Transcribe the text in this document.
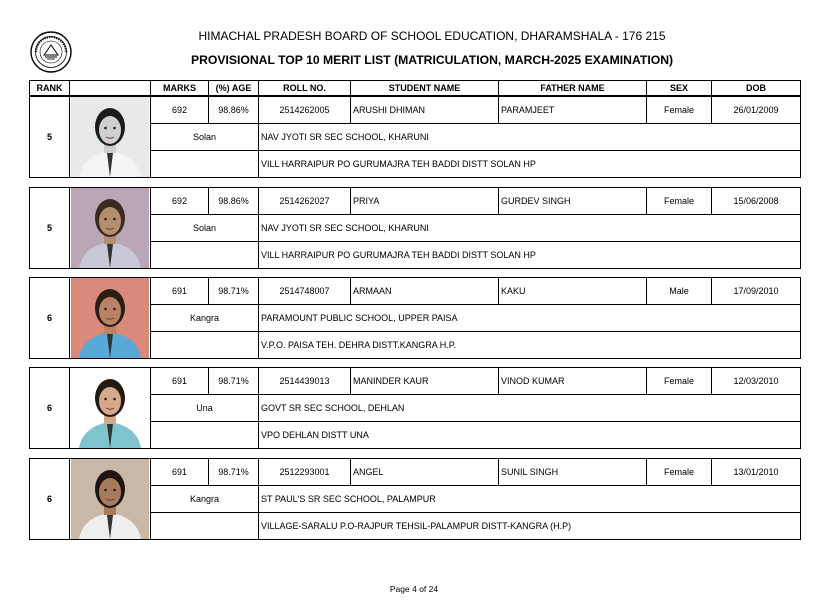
HIMACHAL PRADESH BOARD OF SCHOOL EDUCATION, DHARAMSHALA - 176 215
PROVISIONAL TOP 10 MERIT LIST (MATRICULATION, MARCH-2025 EXAMINATION)
RANK		MARKS	(%) AGE	ROLL NO.	STUDENT NAME	FATHER NAME	SEX	DOB
5		692	98.86%	2514262005	ARUSHI DHIMAN	PARAMJEET	Female	26/01/2009
		Solan		NAV JYOTI SR SEC SCHOOL, KHARUNI				
				VILL HARRAIPUR PO GURUMAJRA TEH BADDI DISTT SOLAN HP				
5		692	98.86%	2514262027	PRIYA	GURDEV SINGH	Female	15/06/2008
		Solan		NAV JYOTI SR SEC SCHOOL, KHARUNI				
				VILL HARRAIPUR PO GURUMAJRA TEH BADDI DISTT SOLAN HP				
6		691	98.71%	2514748007	ARMAAN	KAKU	Male	17/09/2010
		Kangra		PARAMOUNT PUBLIC SCHOOL, UPPER PAISA				
				V.P.O. PAISA TEH. DEHRA DISTT.KANGRA H.P.				
6		691	98.71%	2514439013	MANINDER KAUR	VINOD KUMAR	Female	12/03/2010
		Una		GOVT SR SEC SCHOOL, DEHLAN				
				VPO DEHLAN DISTT UNA				
6		691	98.71%	2512293001	ANGEL	SUNIL SINGH	Female	13/01/2010
		Kangra		ST PAUL'S SR SEC SCHOOL, PALAMPUR				
				VILLAGE-SARALU P.O-RAJPUR TEHSIL-PALAMPUR DISTT-KANGRA (H.P)				
Page 4 of 24
